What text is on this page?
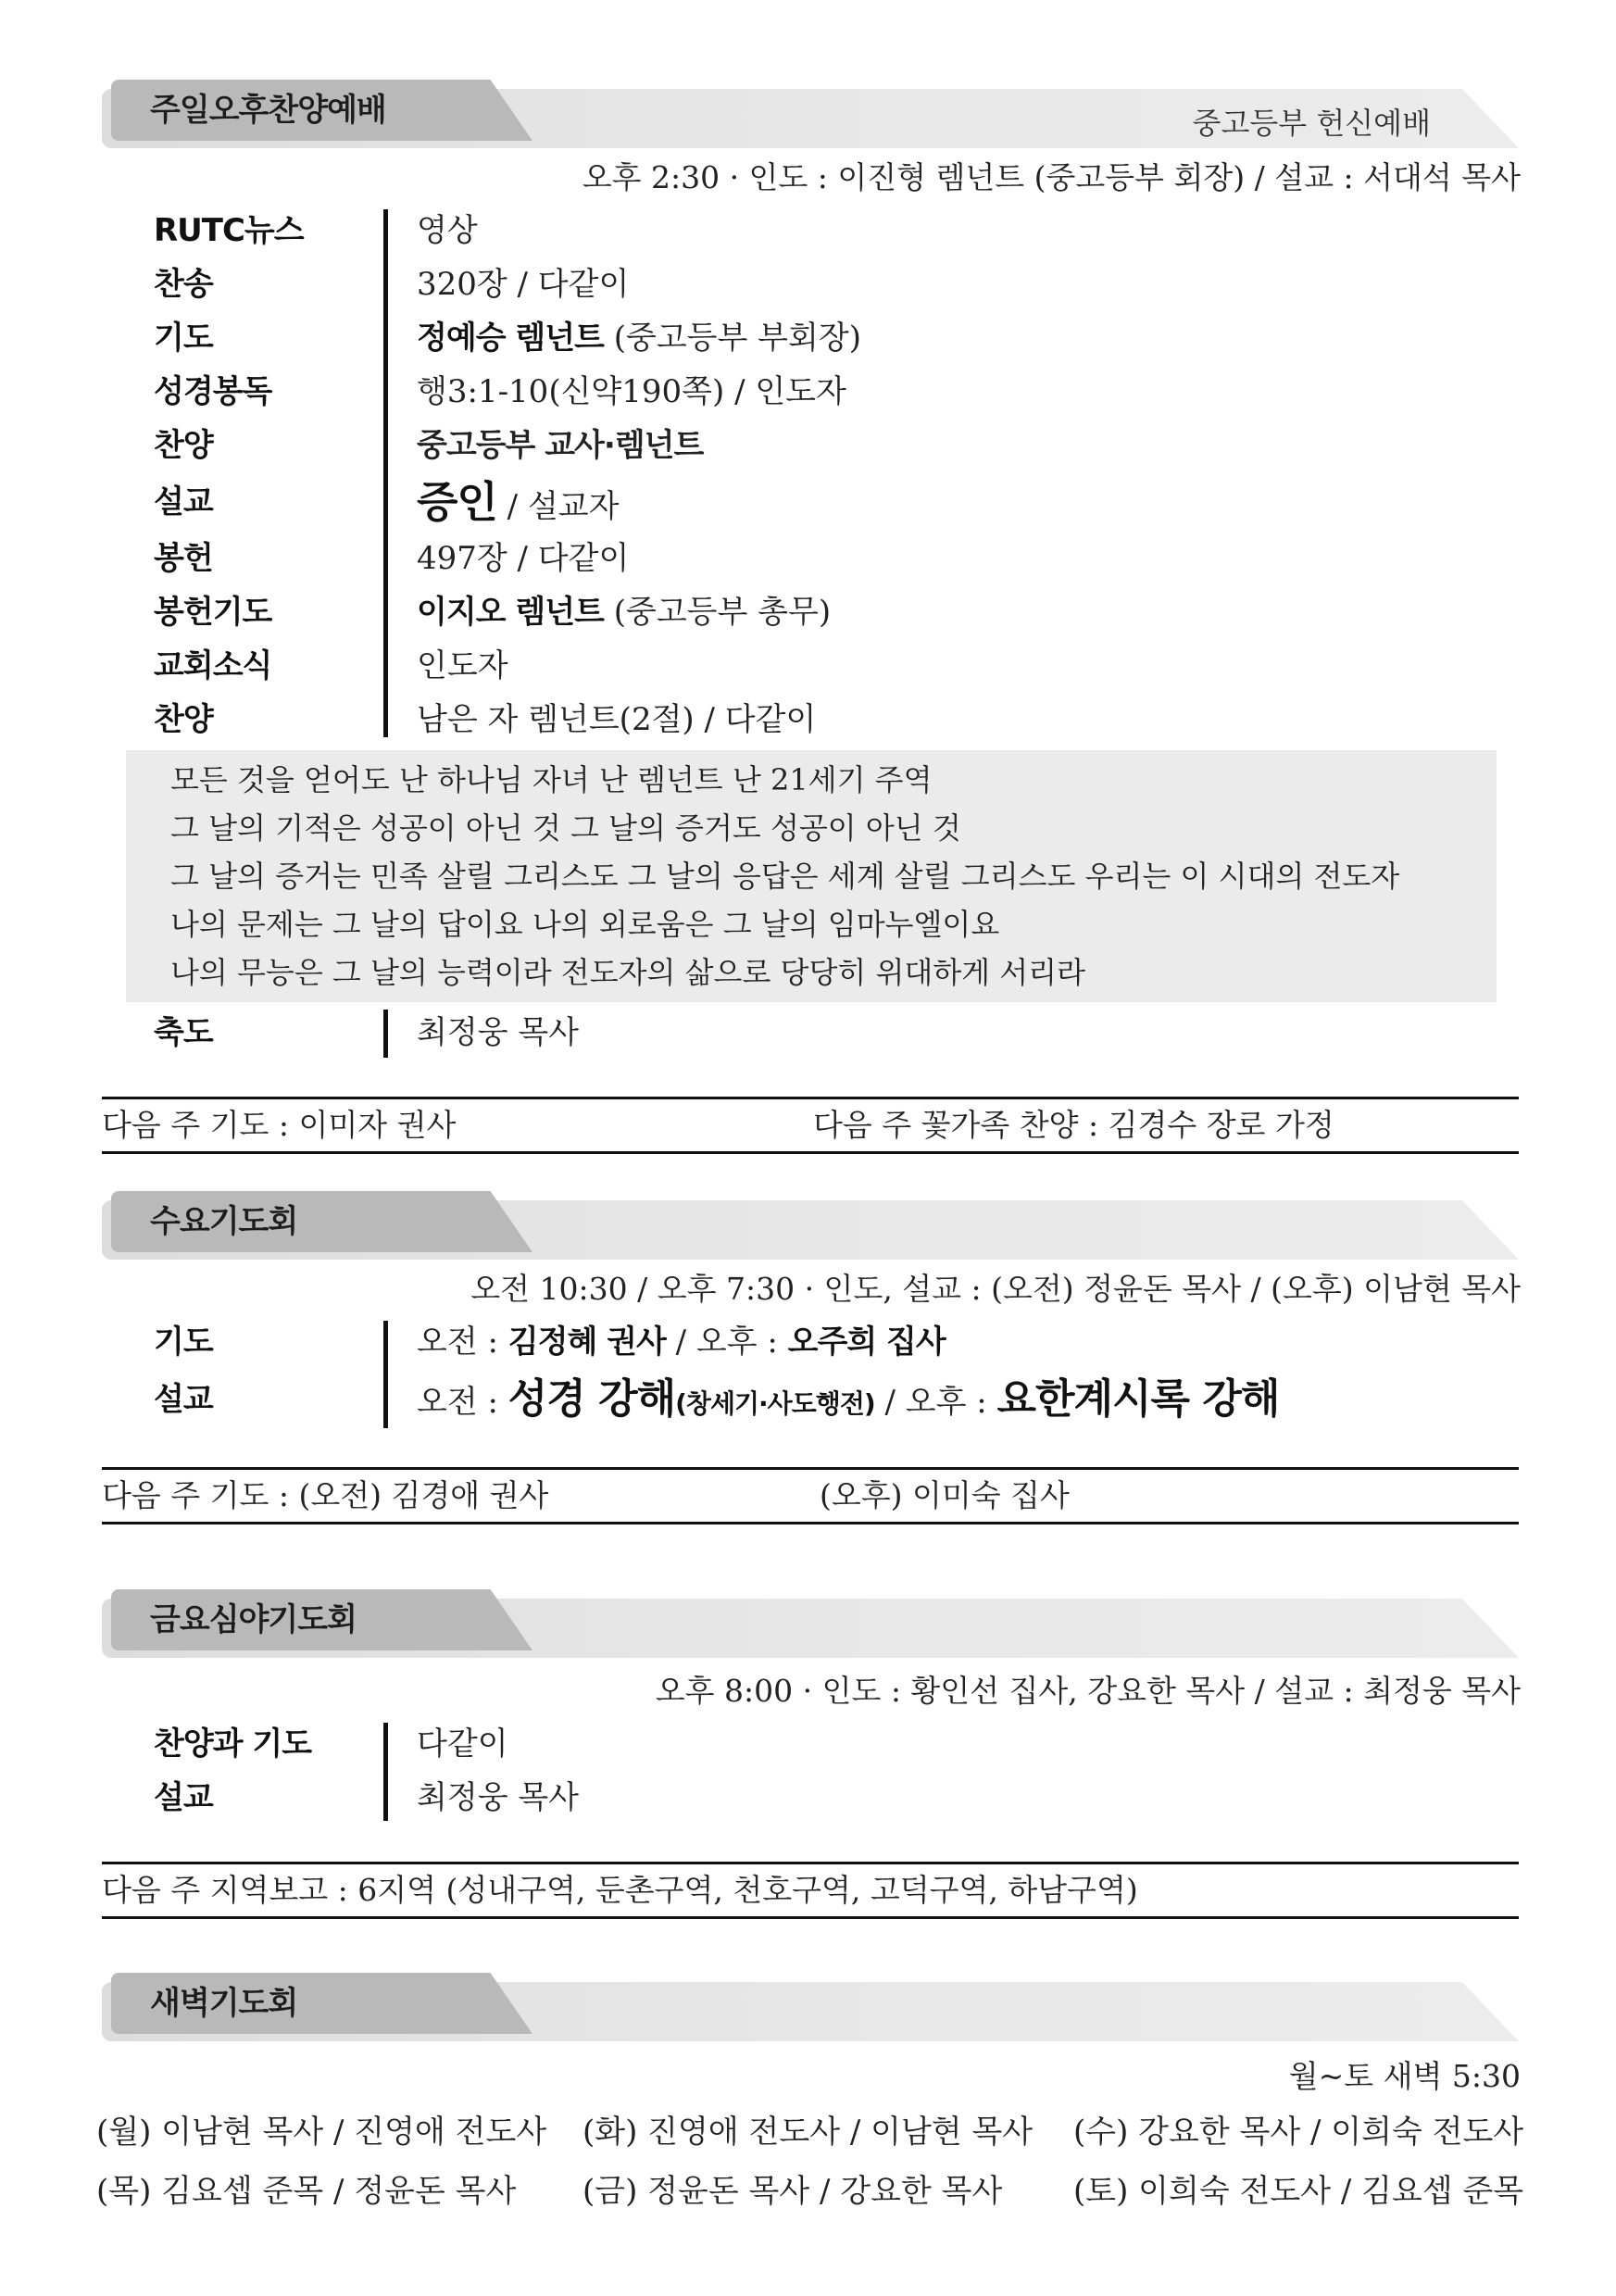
주일오후찬양예배	중고등부 헌신예배
오후 2:30 · 인도 : 이진형 렘넌트 (중고등부 회장) / 설교 : 서대석 목사
RUTC뉴스	영상
찬송	320장 / 다같이
기도	정예승 렘넌트 (중고등부 부회장)
성경봉독	행3:1-10(신약190쪽) / 인도자
찬양	중고등부 교사·렘넌트
설교	증인 / 설교자
봉헌	497장 / 다같이
봉헌기도	이지오 렘넌트 (중고등부 총무)
교회소식	인도자
찬양	남은 자 렘넌트(2절) / 다같이
모든 것을 얻어도 난 하나님 자녀 난 렘넌트 난 21세기 주역
그 날의 기적은 성공이 아닌 것 그 날의 증거도 성공이 아닌 것
그 날의 증거는 민족 살릴 그리스도 그 날의 응답은 세계 살릴 그리스도 우리는 이 시대의 전도자
나의 문제는 그 날의 답이요 나의 외로움은 그 날의 임마누엘이요
나의 무능은 그 날의 능력이라 전도자의 삶으로 당당히 위대하게 서리라
축도	최정웅 목사
다음 주 기도 : 이미자 권사	다음 주 꽃가족 찬양 : 김경수 장로 가정
수요기도회
오전 10:30 / 오후 7:30 · 인도, 설교 : (오전) 정윤돈 목사 / (오후) 이남현 목사
기도	오전 : 김정혜 권사 / 오후 : 오주희 집사
설교	오전 : 성경 강해(창세기·사도행전) / 오후 : 요한계시록 강해
다음 주 기도 : (오전) 김경애 권사	(오후) 이미숙 집사
금요심야기도회
오후 8:00 · 인도 : 황인선 집사, 강요한 목사 / 설교 : 최정웅 목사
찬양과 기도	다같이
설교	최정웅 목사
다음 주 지역보고 : 6지역 (성내구역, 둔촌구역, 천호구역, 고덕구역, 하남구역)
새벽기도회
월~토 새벽 5:30
(월) 이남현 목사 / 진영애 전도사	(화) 진영애 전도사 / 이남현 목사	(수) 강요한 목사 / 이희숙 전도사
(목) 김요셉 준목 / 정윤돈 목사	(금) 정윤돈 목사 / 강요한 목사	(토) 이희숙 전도사 / 김요셉 준목
